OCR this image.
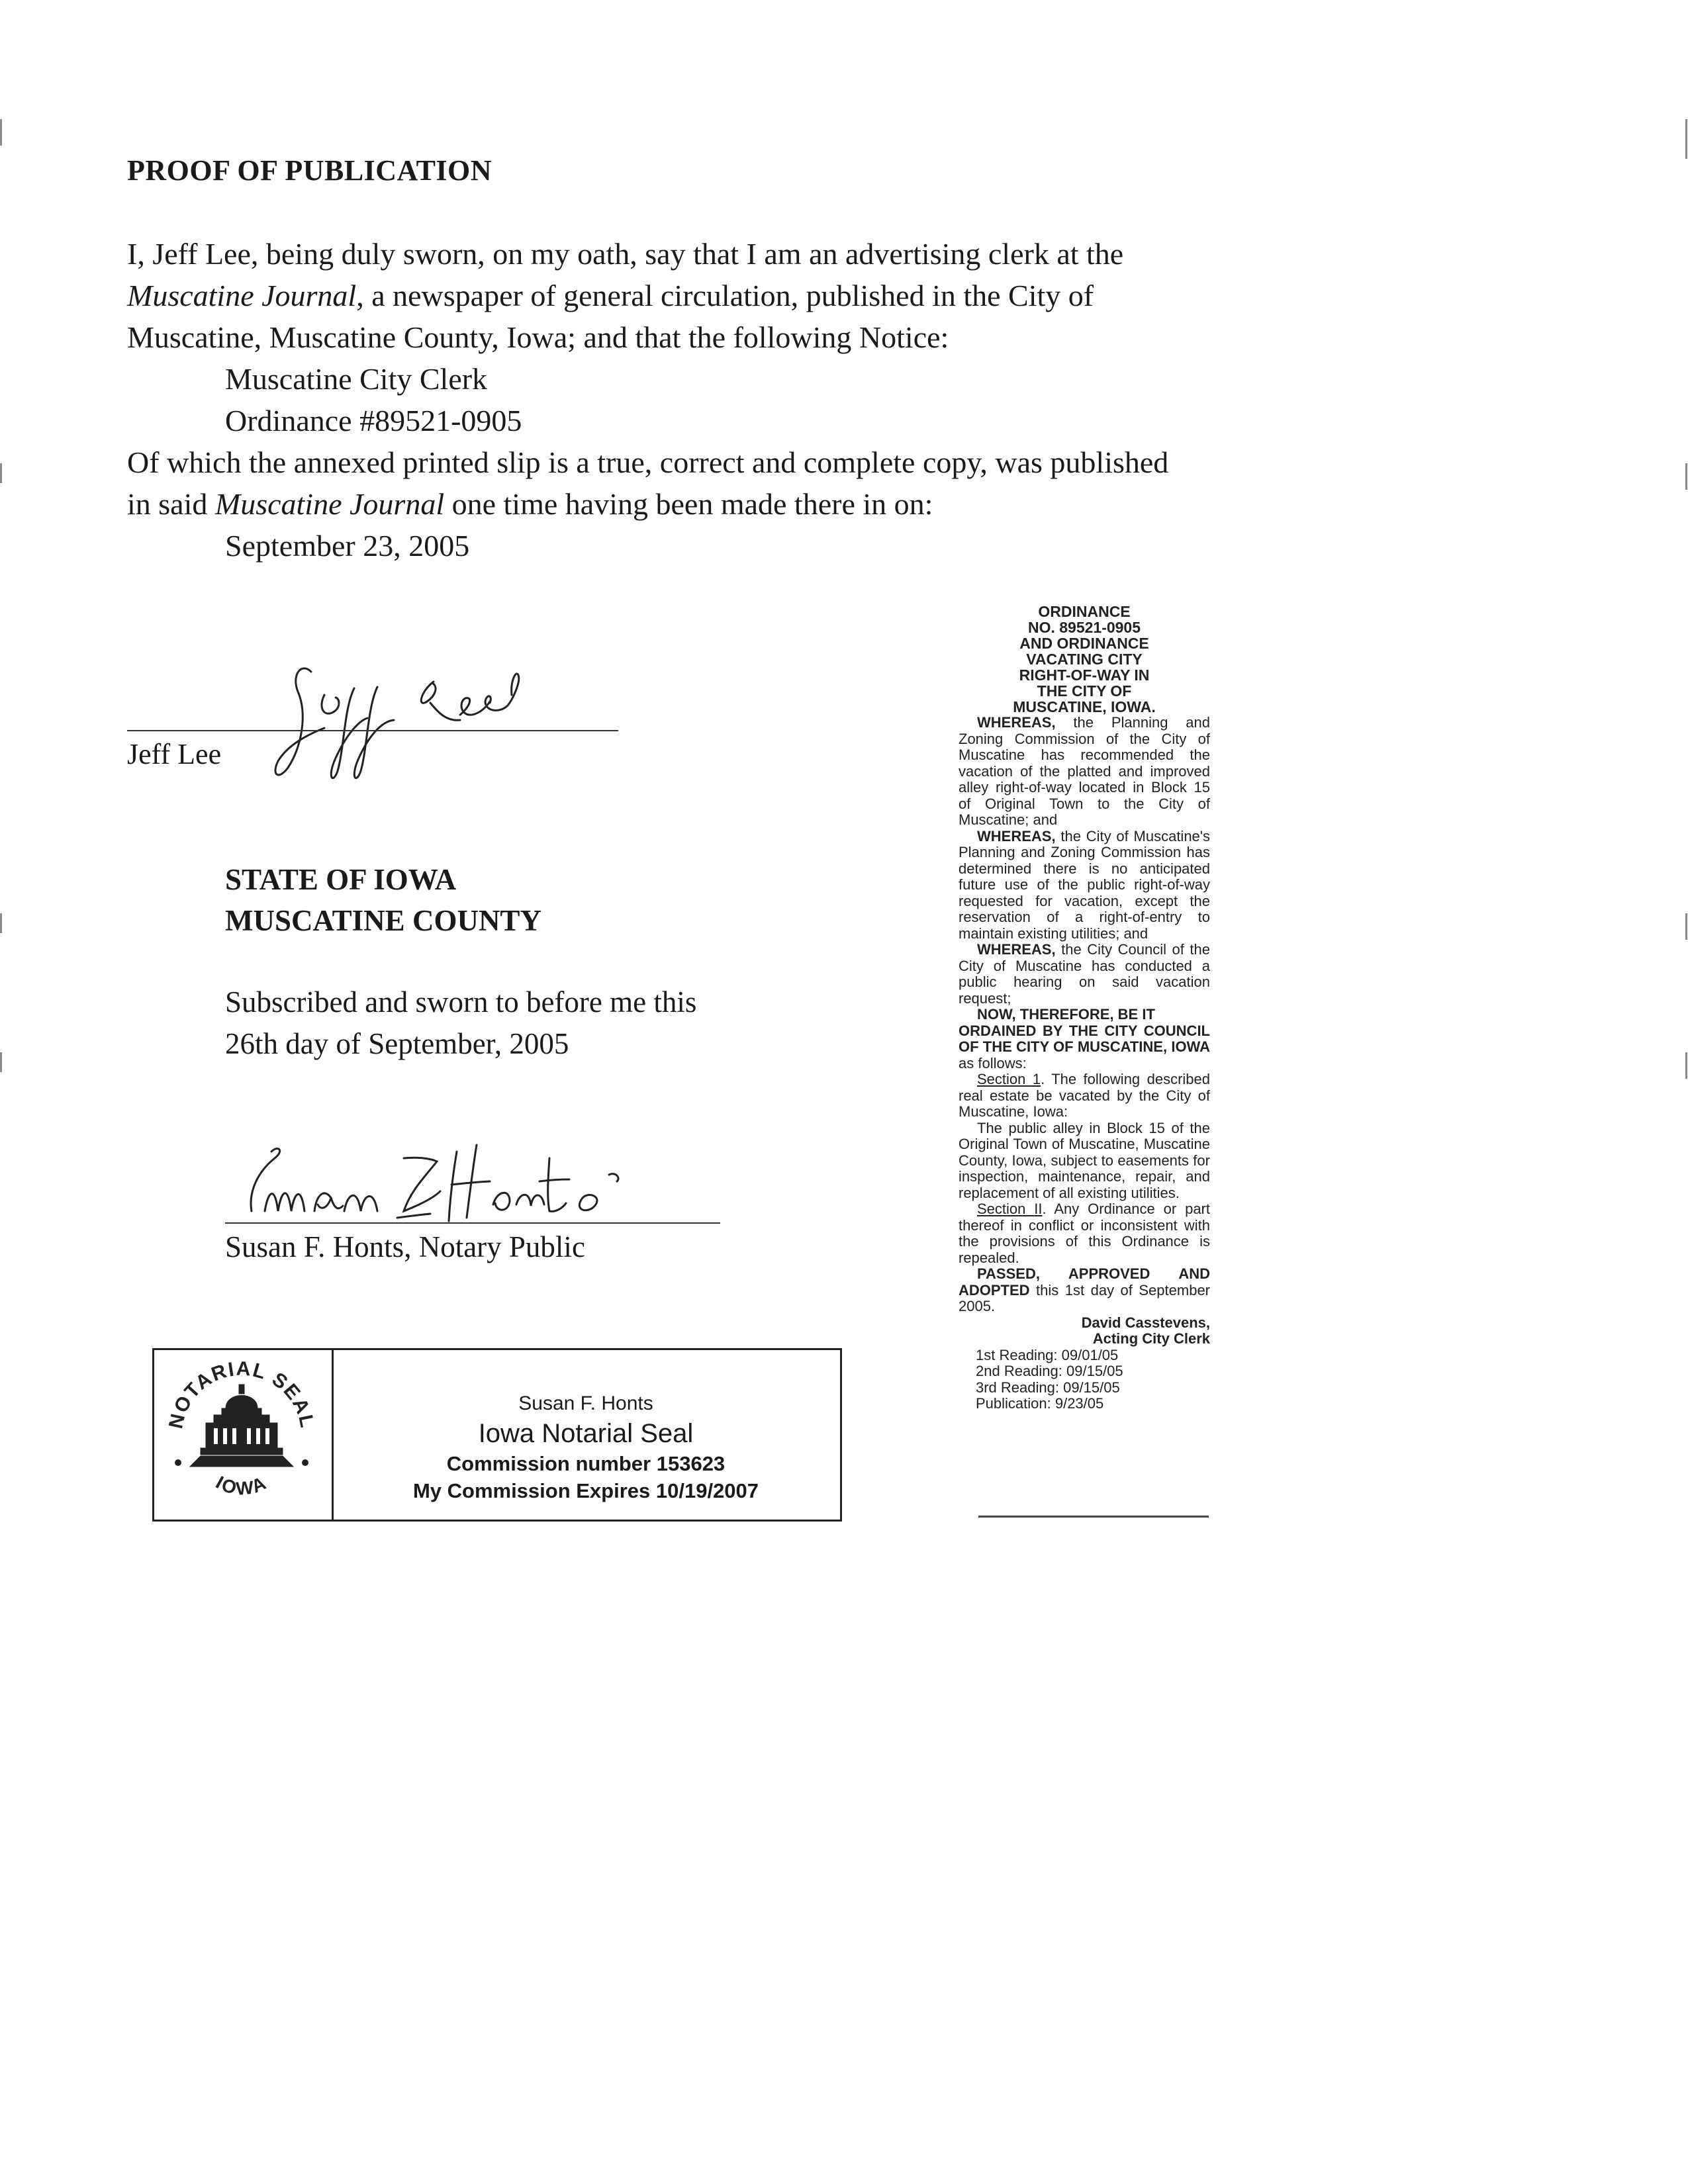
PROOF OF PUBLICATION

I, Jeff Lee, being duly sworn, on my oath, say that I am an advertising clerk at the

Muscatine Journal, a newspaper of general circulation, published in the City of

Muscatine, Muscatine County, Iowa; and that the following Notice:

Muscatine City Clerk

Ordinance #89521-0905

Of which the annexed printed slip is a true, correct and complete copy, was published

in said Muscatine Journal one time having been made there in on:

September 23, 2005

Jeff Lee
STATE OF IOWA
MUSCATINE COUNTY
Subscribed and sworn to before me this
26th day of September, 2005
Susan F. Honts, Notary Public
NOTARIAL SEAL
IOWA
Susan F. Honts
Iowa Notarial Seal
Commission number 153623
My Commission Expires 10/19/2007
ORDINANCE
NO. 89521-0905
AND ORDINANCE
VACATING CITY
RIGHT-OF-WAY IN
THE CITY OF
MUSCATINE, IOWA.

WHEREAS, the Planning and Zoning Commission of the City of Muscatine has recommended the vacation of the platted and improved alley right-of-way located in Block 15 of Original Town to the City of Muscatine; and

WHEREAS, the City of Muscatine's Planning and Zoning Commission has determined there is no anticipated future use of the public right-of-way requested for vacation, except the reservation of a right-of-entry to maintain existing utilities; and

WHEREAS, the City Council of the City of Muscatine has conducted a public hearing on said vacation request;

NOW, THEREFORE, BE IT

ORDAINED BY THE CITY COUNCIL OF THE CITY OF MUSCATINE, IOWA as follows:

Section 1. The following described real estate be vacated by the City of Muscatine, Iowa:

The public alley in Block 15 of the Original Town of Muscatine, Muscatine County, Iowa, subject to easements for inspection, maintenance, repair, and replacement of all existing utilities.

Section II. Any Ordinance or part thereof in conflict or inconsistent with the provisions of this Ordinance is repealed.

PASSED, APPROVED AND ADOPTED this 1st day of September 2005.

David Casstevens,
Acting City Clerk
1st Reading: 09/01/05
2nd Reading: 09/15/05
3rd Reading: 09/15/05
Publication: 9/23/05
